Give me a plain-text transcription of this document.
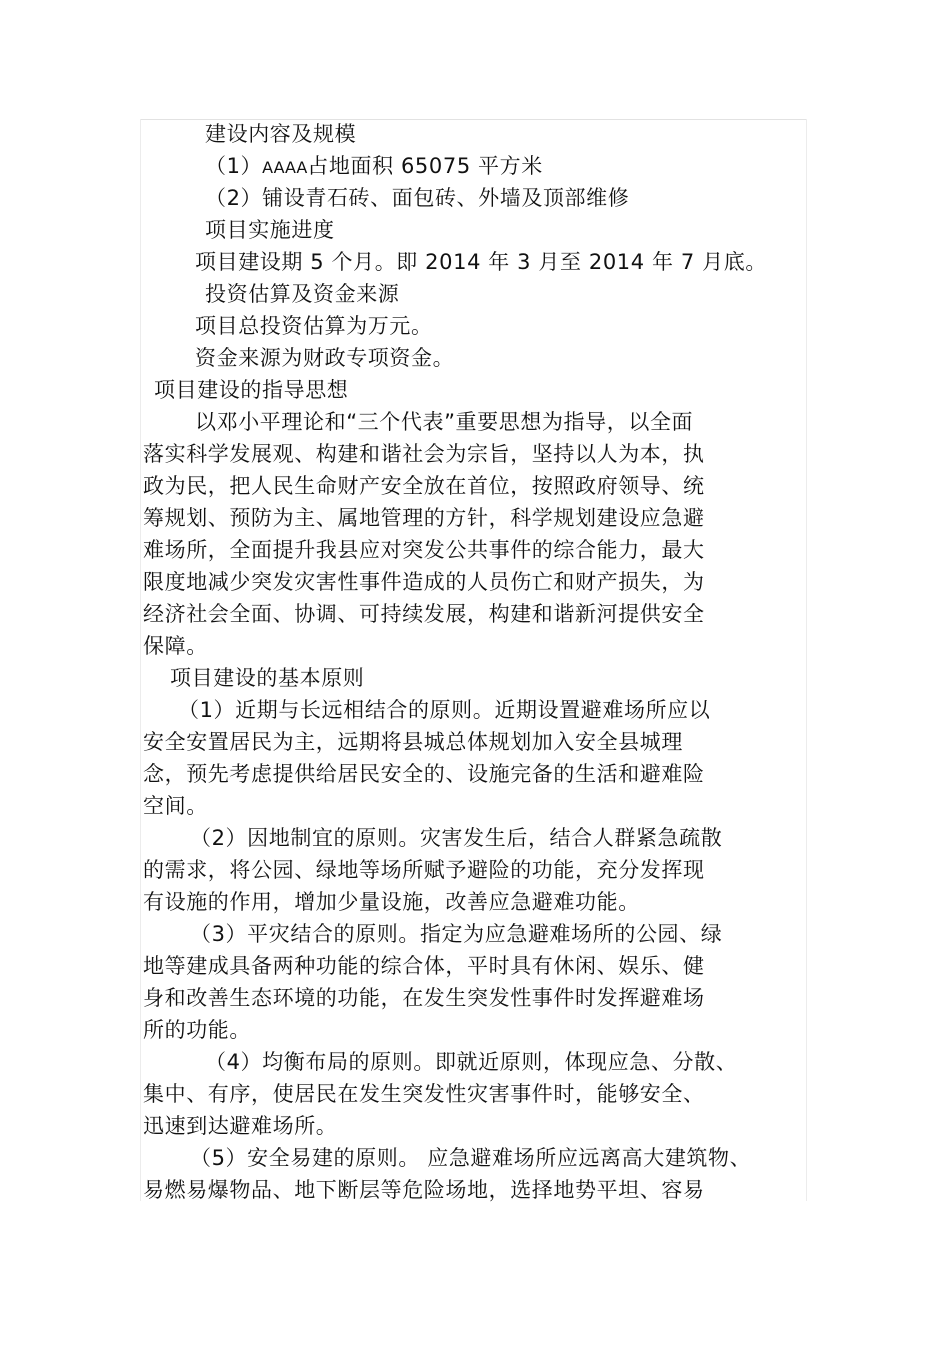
建设内容及规模
（1）AAAA占地面积 65075 平方米
（2）铺设青石砖、面包砖、外墙及顶部维修
项目实施进度
项目建设期 5 个月。即 2014 年 3 月至 2014 年 7 月底。
投资估算及资金来源
项目总投资估算为万元。
资金来源为财政专项资金。
项目建设的指导思想
以邓小平理论和“三个代表”重要思想为指导，以全面
落实科学发展观、构建和谐社会为宗旨，坚持以人为本，执
政为民，把人民生命财产安全放在首位，按照政府领导、统
筹规划、预防为主、属地管理的方针，科学规划建设应急避
难场所，全面提升我县应对突发公共事件的综合能力，最大
限度地减少突发灾害性事件造成的人员伤亡和财产损失，为
经济社会全面、协调、可持续发展，构建和谐新河提供安全
保障。
项目建设的基本原则
（1）近期与长远相结合的原则。近期设置避难场所应以
安全安置居民为主，远期将县城总体规划加入安全县城理
念，预先考虑提供给居民安全的、设施完备的生活和避难险
空间。
（2）因地制宜的原则。灾害发生后，结合人群紧急疏散
的需求，将公园、绿地等场所赋予避险的功能，充分发挥现
有设施的作用，增加少量设施，改善应急避难功能。
（3）平灾结合的原则。指定为应急避难场所的公园、绿
地等建成具备两种功能的综合体，平时具有休闲、娱乐、健
身和改善生态环境的功能，在发生突发性事件时发挥避难场
所的功能。
（4）均衡布局的原则。即就近原则，体现应急、分散、
集中、有序，使居民在发生突发性灾害事件时，能够安全、
迅速到达避难场所。
（5）安全易建的原则。 应急避难场所应远离高大建筑物、
易燃易爆物品、地下断层等危险场地，选择地势平坦、容易
